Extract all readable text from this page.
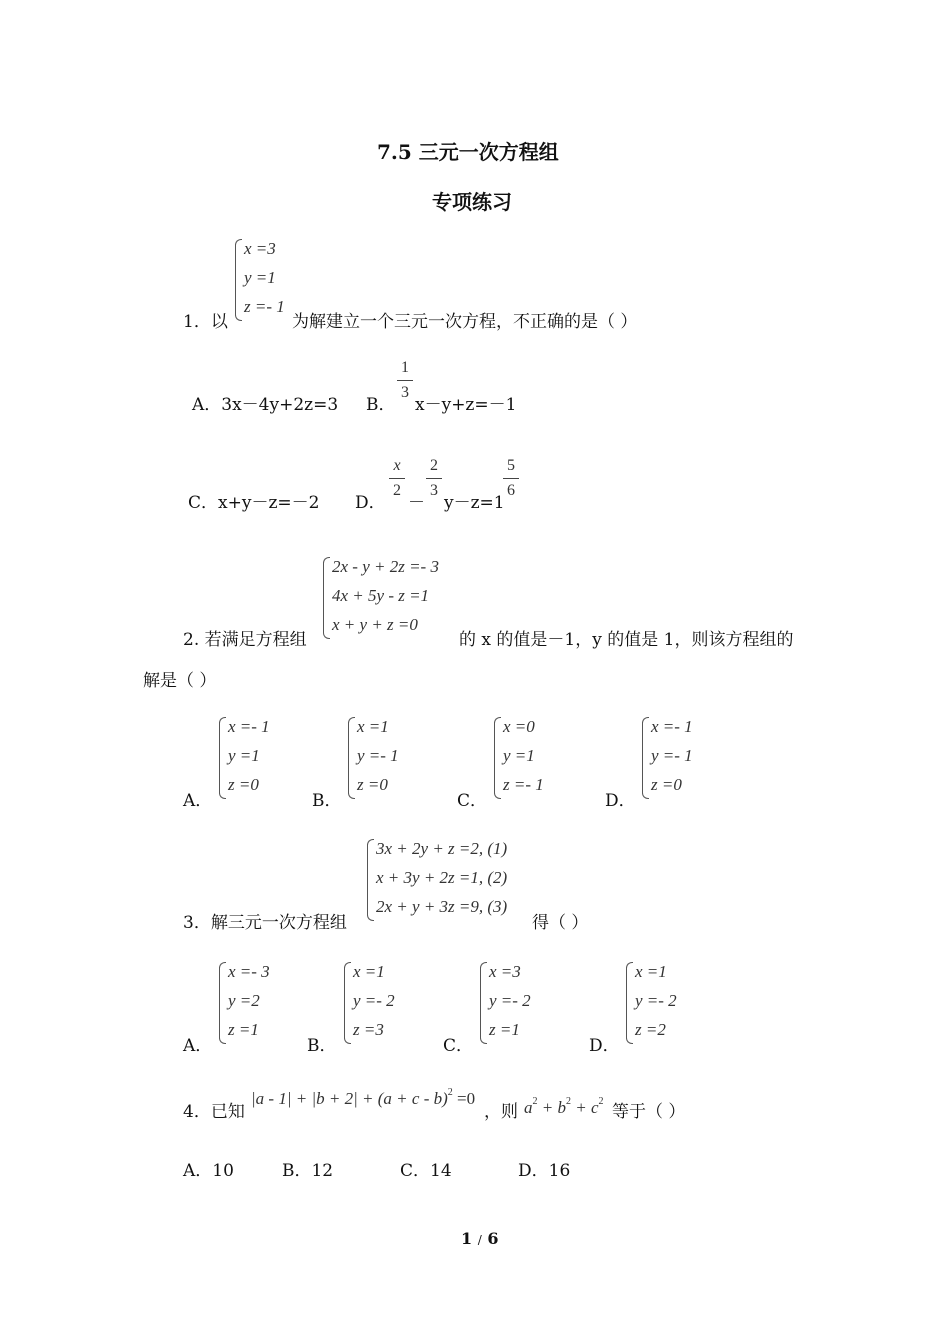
7.5 三元一次方程组
专项练习
x =3
y =1
z =- 1
1．以	为解建立一个三元一次方程，不正确的是（ ）
A．3x－4y+2z=3 B．
1
3
x－y+z=－1
C．x+y－z=－2 D．
x
2
－
2
3
y－z=1
5
6
2. 若满足方程组
2x - y + 2z =- 3
4x + 5y - z =1
x + y + z =0
的 x 的值是－1，y 的值是 1，则该方程组的
解是（ ）
A．
x =- 1
y =1
z =0
B．
x =1
y =- 1
z =0
C．
x =0
y =1
z =- 1
D．
x =- 1
y =- 1
z =0
3．解三元一次方程组
3x + 2y + z =2, (1)
x + 3y + 2z =1, (2)
2x + y + 3z =9, (3)
得（ ）
A．
x =- 3
y =2
z =1
B．
x =1
y =- 2
z =3
C．
x =3
y =- 2
z =1
D．
x =1
y =- 2
z =2
4．已知
$|a - 1| + |b + 2| + (a + c - b)^2 =0$
，则 $a^2 + b^2 + c^2$
等于（ ）
A．10	B．12	C．14	D．16
1 / 6
